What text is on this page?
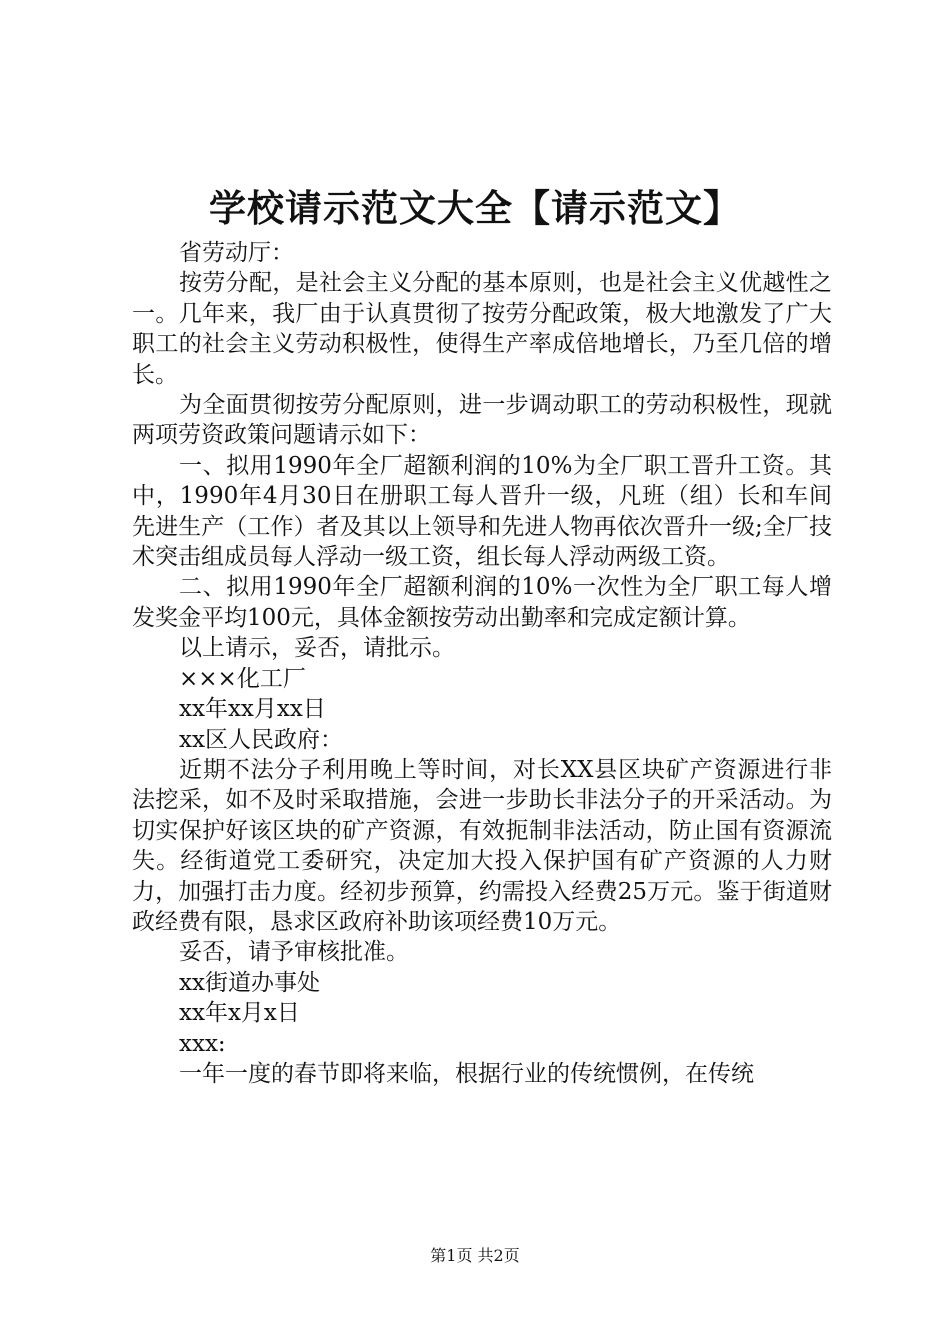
学校请示范文大全【请示范文】

省劳动厅：

按劳分配，是社会主义分配的基本原则，也是社会主义优越性之一。几年来，我厂由于认真贯彻了按劳分配政策，极大地激发了广大职工的社会主义劳动积极性，使得生产率成倍地增长，乃至几倍的增长。

为全面贯彻按劳分配原则，进一步调动职工的劳动积极性，现就两项劳资政策问题请示如下：

一、拟用1990年全厂超额利润的10%为全厂职工晋升工资。其中，1990年4月30日在册职工每人晋升一级，凡班（组）长和车间先进生产（工作）者及其以上领导和先进人物再依次晋升一级;全厂技术突击组成员每人浮动一级工资，组长每人浮动两级工资。

二、拟用1990年全厂超额利润的10%一次性为全厂职工每人增发奖金平均100元，具体金额按劳动出勤率和完成定额计算。

以上请示，妥否，请批示。

×××化工厂

xx年xx月xx日

xx区人民政府：

近期不法分子利用晚上等时间，对长XX县区块矿产资源进行非法挖采，如不及时采取措施，会进一步助长非法分子的开采活动。为切实保护好该区块的矿产资源，有效扼制非法活动，防止国有资源流失。经街道党工委研究，决定加大投入保护国有矿产资源的人力财力，加强打击力度。经初步预算，约需投入经费25万元。鉴于街道财政经费有限，恳求区政府补助该项经费10万元。

妥否，请予审核批准。

xx街道办事处

xx年x月x日

xxx:

一年一度的春节即将来临，根据行业的传统惯例，在传统

第1页 共2页
